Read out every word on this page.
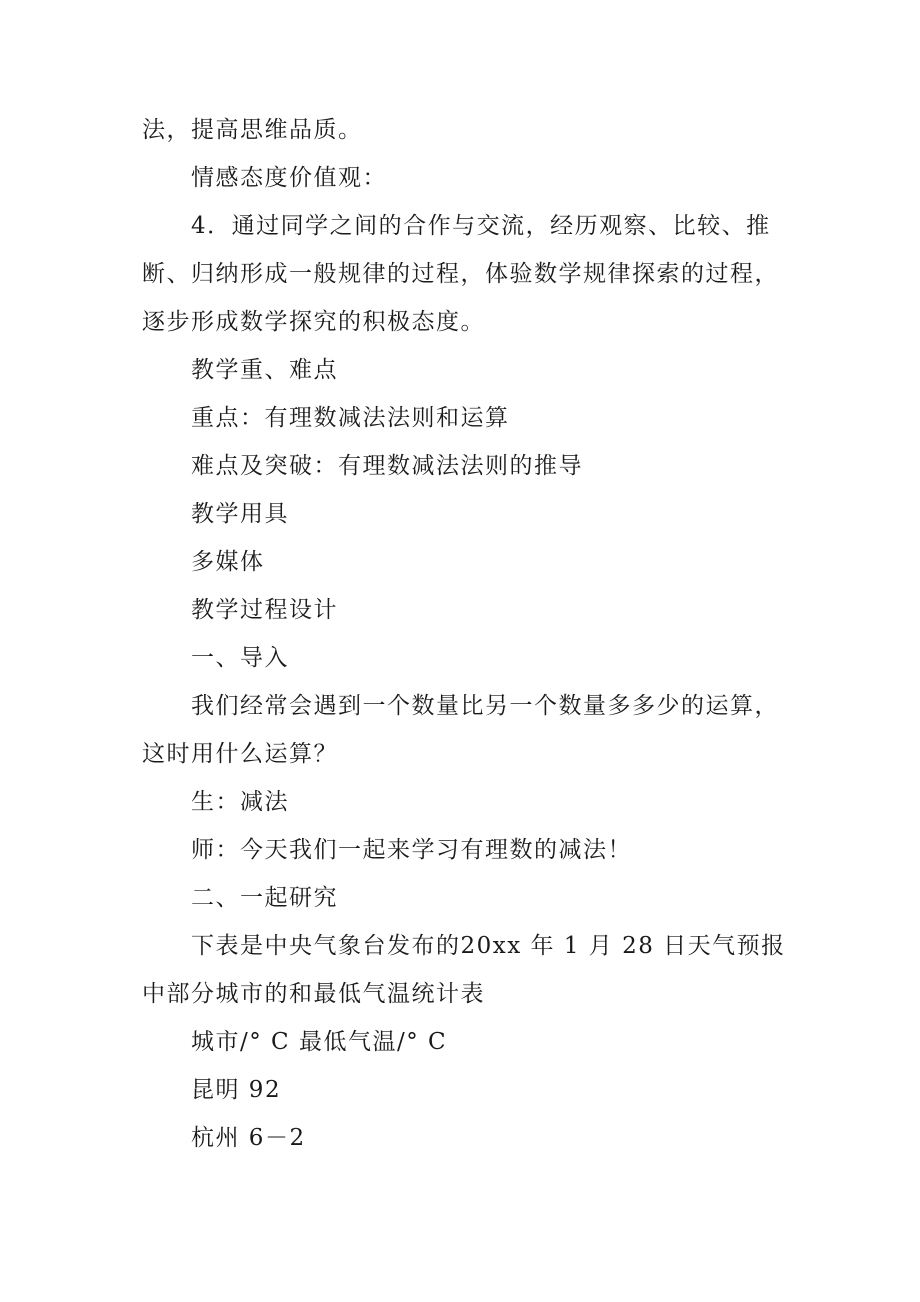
法，提高思维品质。
情感态度价值观：
4．通过同学之间的合作与交流，经历观察、比较、推
断、归纳形成一般规律的过程，体验数学规律探索的过程，
逐步形成数学探究的积极态度。
教学重、难点
重点：有理数减法法则和运算
难点及突破：有理数减法法则的推导
教学用具
多媒体
教学过程设计
一、导入
我们经常会遇到一个数量比另一个数量多多少的运算，
这时用什么运算？
生：减法
师：今天我们一起来学习有理数的减法！
二、一起研究
下表是中央气象台发布的20xx 年 1 月 28 日天气预报
中部分城市的和最低气温统计表
城市/° C 最低气温/° C
昆明 92
杭州 6－2
